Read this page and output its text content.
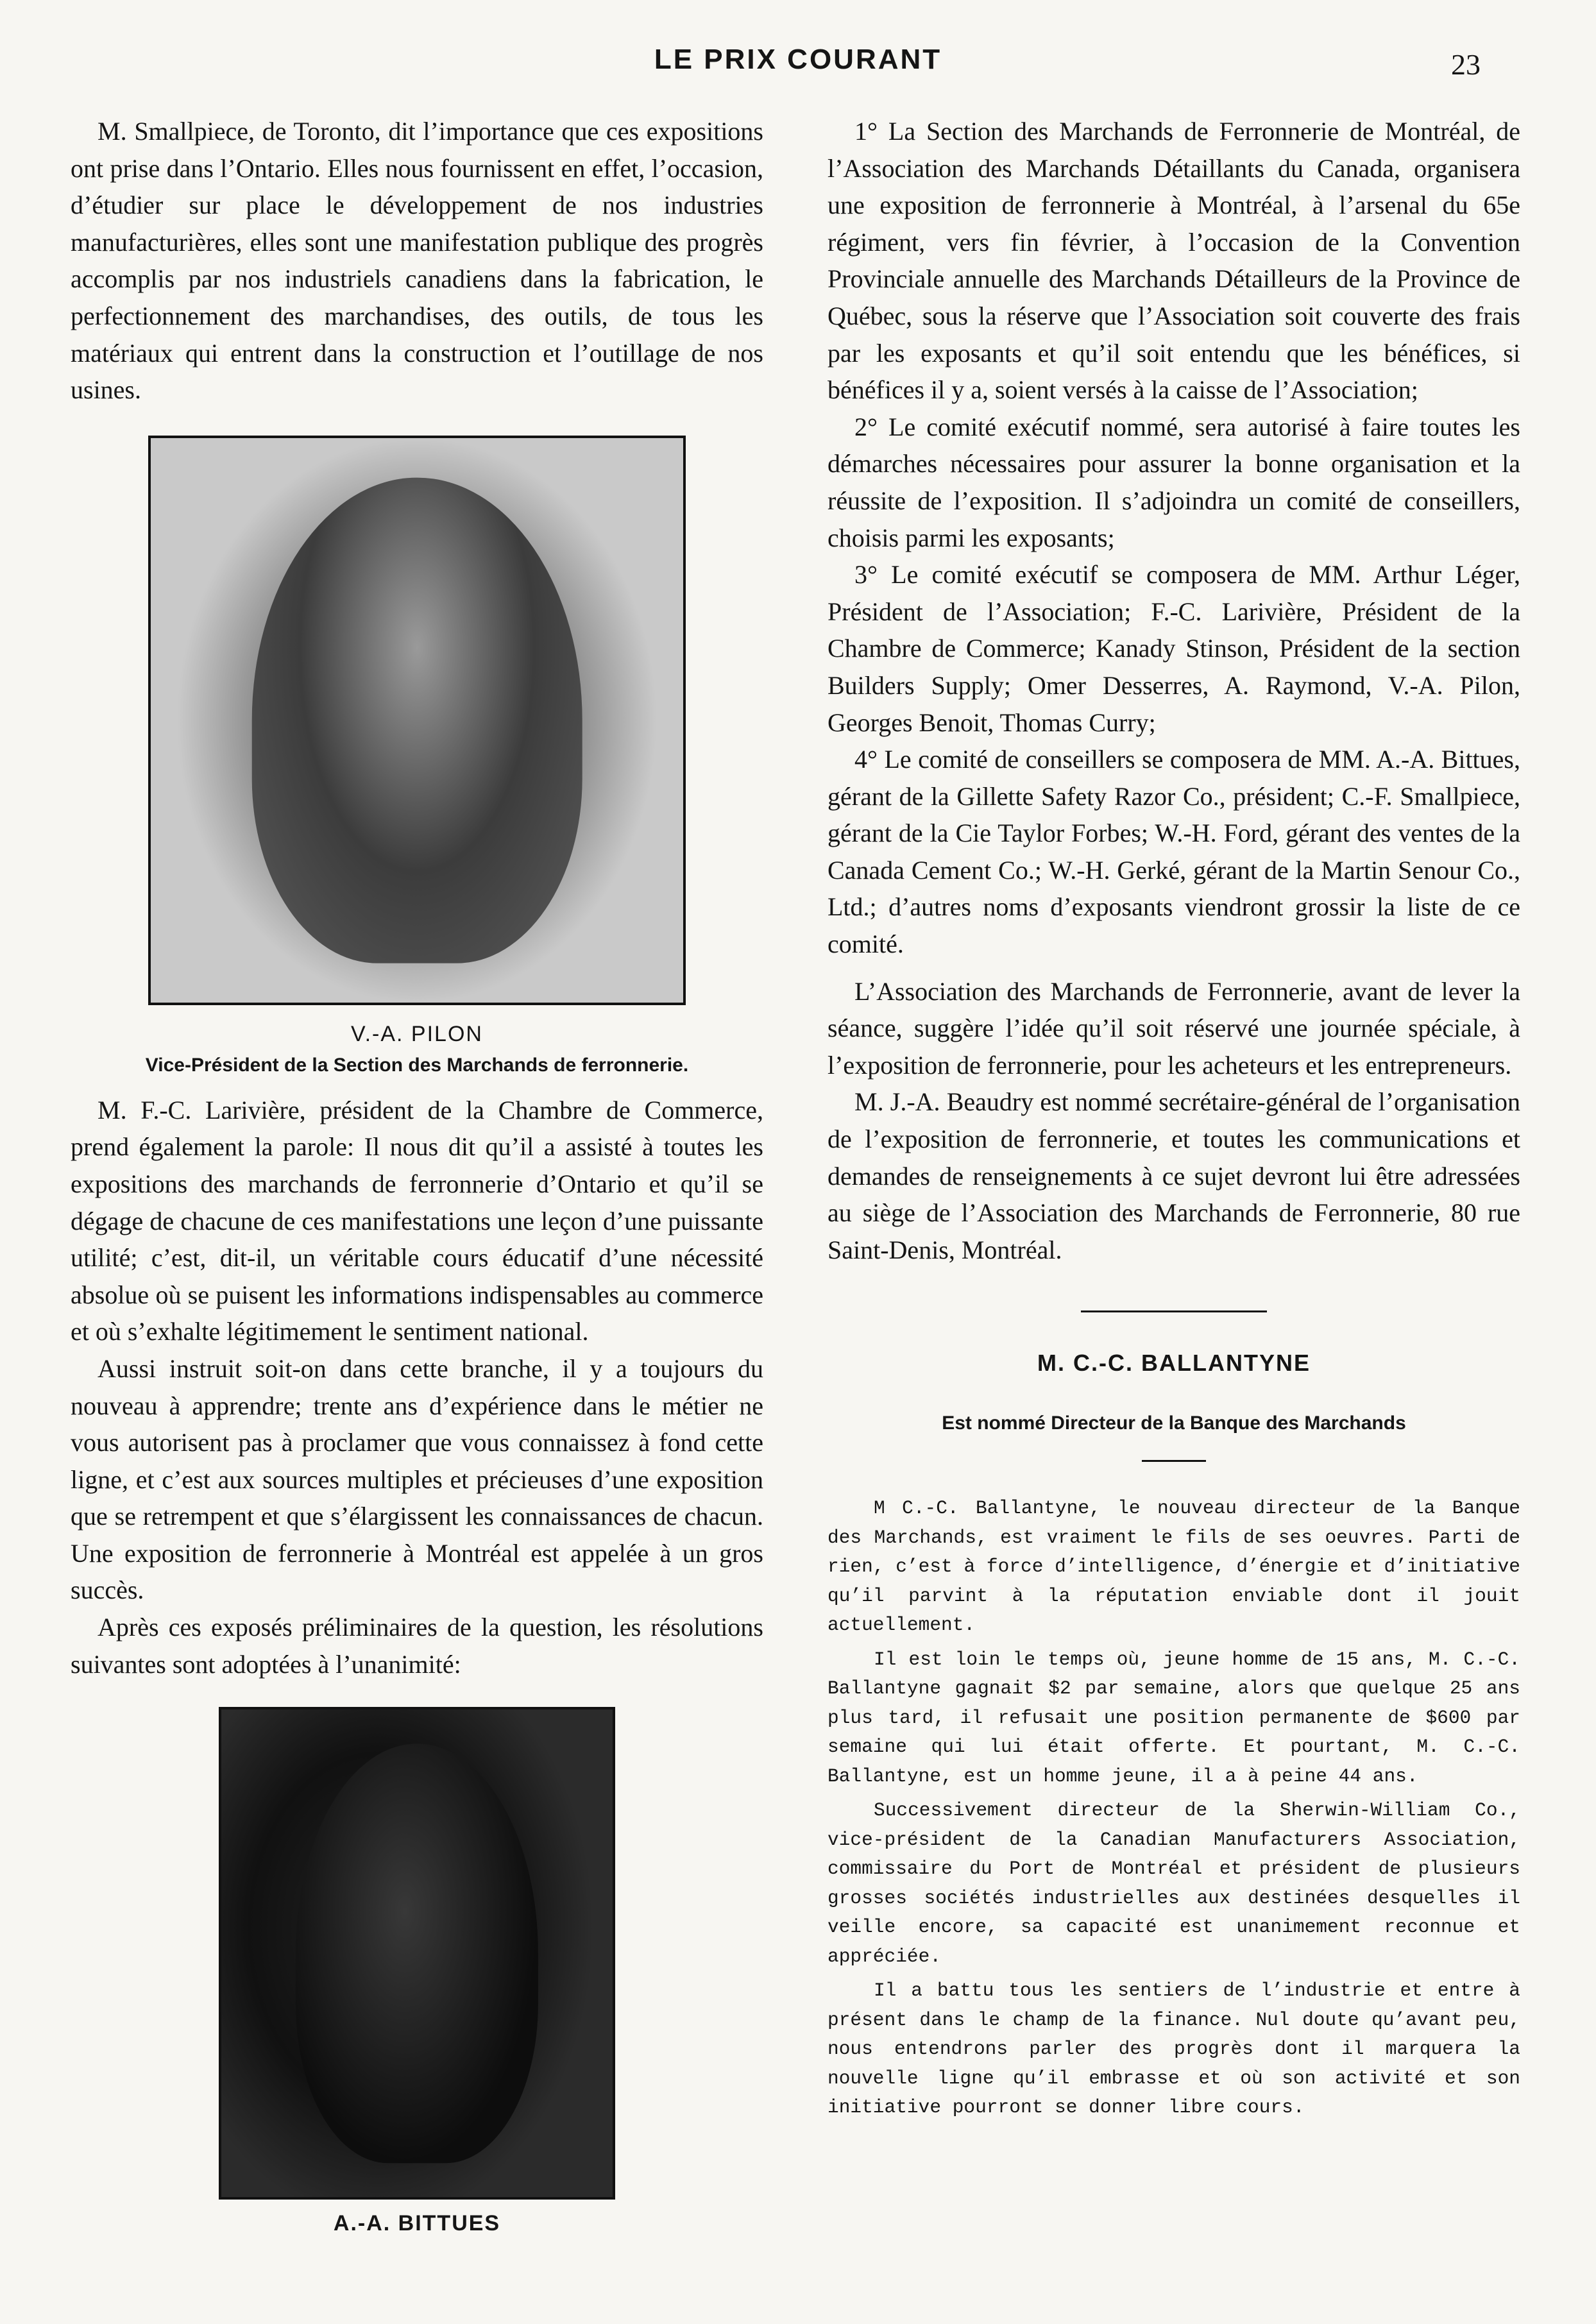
LE PRIX COURANT	23

M. Smallpiece, de Toronto, dit l’importance que ces expositions ont prise dans l’Ontario. Elles nous fournissent en effet, l’occasion, d’étudier sur place le développement de nos industries manufacturières, elles sont une manifestation publique des progrès accomplis par nos industriels canadiens dans la fabrication, le perfectionnement des marchandises, des outils, de tous les matériaux qui entrent dans la construction et l’outillage de nos usines.

V.-A. PILON
Vice-Président de la Section des Marchands de ferronnerie.

M. F.-C. Larivière, président de la Chambre de Commerce, prend également la parole: Il nous dit qu’il a assisté à toutes les expositions des marchands de ferronnerie d’Ontario et qu’il se dégage de chacune de ces manifestations une leçon d’une puissante utilité; c’est, dit-il, un véritable cours éducatif d’une nécessité absolue où se puisent les informations indispensables au commerce et où s’exhalte légitimement le sentiment national.

Aussi instruit soit-on dans cette branche, il y a toujours du nouveau à apprendre; trente ans d’expérience dans le métier ne vous autorisent pas à proclamer que vous connaissez à fond cette ligne, et c’est aux sources multiples et précieuses d’une exposition que se retrempent et que s’élargissent les connaissances de chacun. Une exposition de ferronnerie à Montréal est appelée à un gros succès.

Après ces exposés préliminaires de la question, les résolutions suivantes sont adoptées à l’unanimité:

A.-A. BITTUES

1° La Section des Marchands de Ferronnerie de Montréal, de l’Association des Marchands Détaillants du Canada, organisera une exposition de ferronnerie à Montréal, à l’arsenal du 65e régiment, vers fin février, à l’occasion de la Convention Provinciale annuelle des Marchands Détailleurs de la Province de Québec, sous la réserve que l’Association soit couverte des frais par les exposants et qu’il soit entendu que les bénéfices, si bénéfices il y a, soient versés à la caisse de l’Association;

2° Le comité exécutif nommé, sera autorisé à faire toutes les démarches nécessaires pour assurer la bonne organisation et la réussite de l’exposition. Il s’adjoindra un comité de conseillers, choisis parmi les exposants;

3° Le comité exécutif se composera de MM. Arthur Léger, Président de l’Association; F.-C. Larivière, Président de la Chambre de Commerce; Kanady Stinson, Président de la section Builders Supply; Omer Desserres, A. Raymond, V.-A. Pilon, Georges Benoit, Thomas Curry;

4° Le comité de conseillers se composera de MM. A.-A. Bittues, gérant de la Gillette Safety Razor Co., président; C.-F. Smallpiece, gérant de la Cie Taylor Forbes; W.-H. Ford, gérant des ventes de la Canada Cement Co.; W.-H. Gerké, gérant de la Martin Senour Co., Ltd.; d’autres noms d’exposants viendront grossir la liste de ce comité.

L’Association des Marchands de Ferronnerie, avant de lever la séance, suggère l’idée qu’il soit réservé une journée spéciale, à l’exposition de ferronnerie, pour les acheteurs et les entrepreneurs.

M. J.-A. Beaudry est nommé secrétaire-général de l’organisation de l’exposition de ferronnerie, et toutes les communications et demandes de renseignements à ce sujet devront lui être adressées au siège de l’Association des Marchands de Ferronnerie, 80 rue Saint-Denis, Montréal.

M. C.-C. BALLANTYNE
Est nommé Directeur de la Banque des Marchands

M C.-C. Ballantyne, le nouveau directeur de la Banque des Marchands, est vraiment le fils de ses oeuvres. Parti de rien, c’est à force d’intelligence, d’énergie et d’initiative qu’il parvint à la réputation enviable dont il jouit actuellement.

Il est loin le temps où, jeune homme de 15 ans, M. C.-C. Ballantyne gagnait $2 par semaine, alors que quelque 25 ans plus tard, il refusait une position permanente de $600 par semaine qui lui était offerte. Et pourtant, M. C.-C. Ballantyne, est un homme jeune, il a à peine 44 ans.

Successivement directeur de la Sherwin-William Co., vice-président de la Canadian Manufacturers Association, commissaire du Port de Montréal et président de plusieurs grosses sociétés industrielles aux destinées desquelles il veille encore, sa capacité est unanimement reconnue et appréciée.

Il a battu tous les sentiers de l’industrie et entre à présent dans le champ de la finance. Nul doute qu’avant peu, nous entendrons parler des progrès dont il marquera la nouvelle ligne qu’il embrasse et où son activité et son initiative pourront se donner libre cours.
